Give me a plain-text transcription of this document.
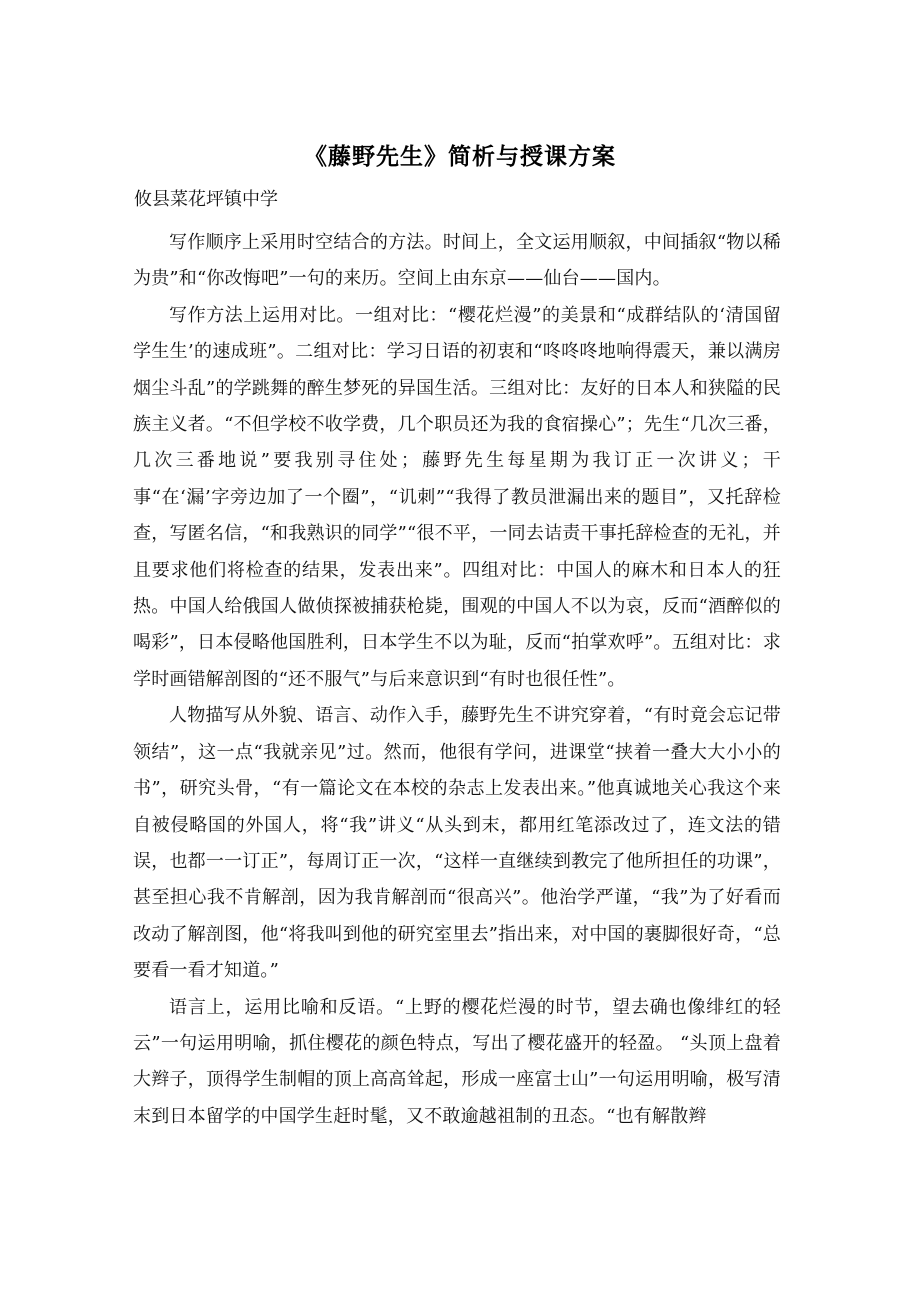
《藤野先生》简析与授课方案
攸县菜花坪镇中学

写作顺序上采用时空结合的方法。时间上，全文运用顺叙，中间插叙“物以稀为贵”和“你改悔吧”一句的来历。空间上由东京——仙台——国内。

写作方法上运用对比。一组对比：“樱花烂漫”的美景和“成群结队的‘清国留学生生’的速成班”。二组对比：学习日语的初衷和“咚咚咚地响得震天，兼以满房烟尘斗乱”的学跳舞的醉生梦死的异国生活。三组对比：友好的日本人和狭隘的民族主义者。“不但学校不收学费，几个职员还为我的食宿操心”；先生“几次三番，几次三番地说”要我别寻住处；藤野先生每星期为我订正一次讲义；干事“在‘漏’字旁边加了一个圈”，“讥刺”“我得了教员泄漏出来的题目”，又托辞检查，写匿名信，“和我熟识的同学”“很不平，一同去诘责干事托辞检查的无礼，并且要求他们将检查的结果，发表出来”。四组对比：中国人的麻木和日本人的狂热。中国人给俄国人做侦探被捕获枪毙，围观的中国人不以为哀，反而“酒醉似的喝彩”，日本侵略他国胜利，日本学生不以为耻，反而“拍掌欢呼”。五组对比：求学时画错解剖图的“还不服气”与后来意识到“有时也很任性”。

人物描写从外貌、语言、动作入手，藤野先生不讲究穿着，“有时竟会忘记带领结”，这一点“我就亲见”过。然而，他很有学问，进课堂“挟着一叠大大小小的书”，研究头骨，“有一篇论文在本校的杂志上发表出来。”他真诚地关心我这个来自被侵略国的外国人，将“我”讲义“从头到末，都用红笔添改过了，连文法的错误，也都一一订正”，每周订正一次，“这样一直继续到教完了他所担任的功课”，甚至担心我不肯解剖，因为我肯解剖而“很高兴”。他治学严谨，“我”为了好看而改动了解剖图，他“将我叫到他的研究室里去”指出来，对中国的裹脚很好奇，“总要看一看才知道。”

语言上，运用比喻和反语。“上野的樱花烂漫的时节，望去确也像绯红的轻云”一句运用明喻，抓住樱花的颜色特点，写出了樱花盛开的轻盈。 “头顶上盘着大辫子，顶得学生制帽的顶上高高耸起，形成一座富士山”一句运用明喻，极写清末到日本留学的中国学生赶时髦，又不敢逾越祖制的丑态。“也有解散辫
